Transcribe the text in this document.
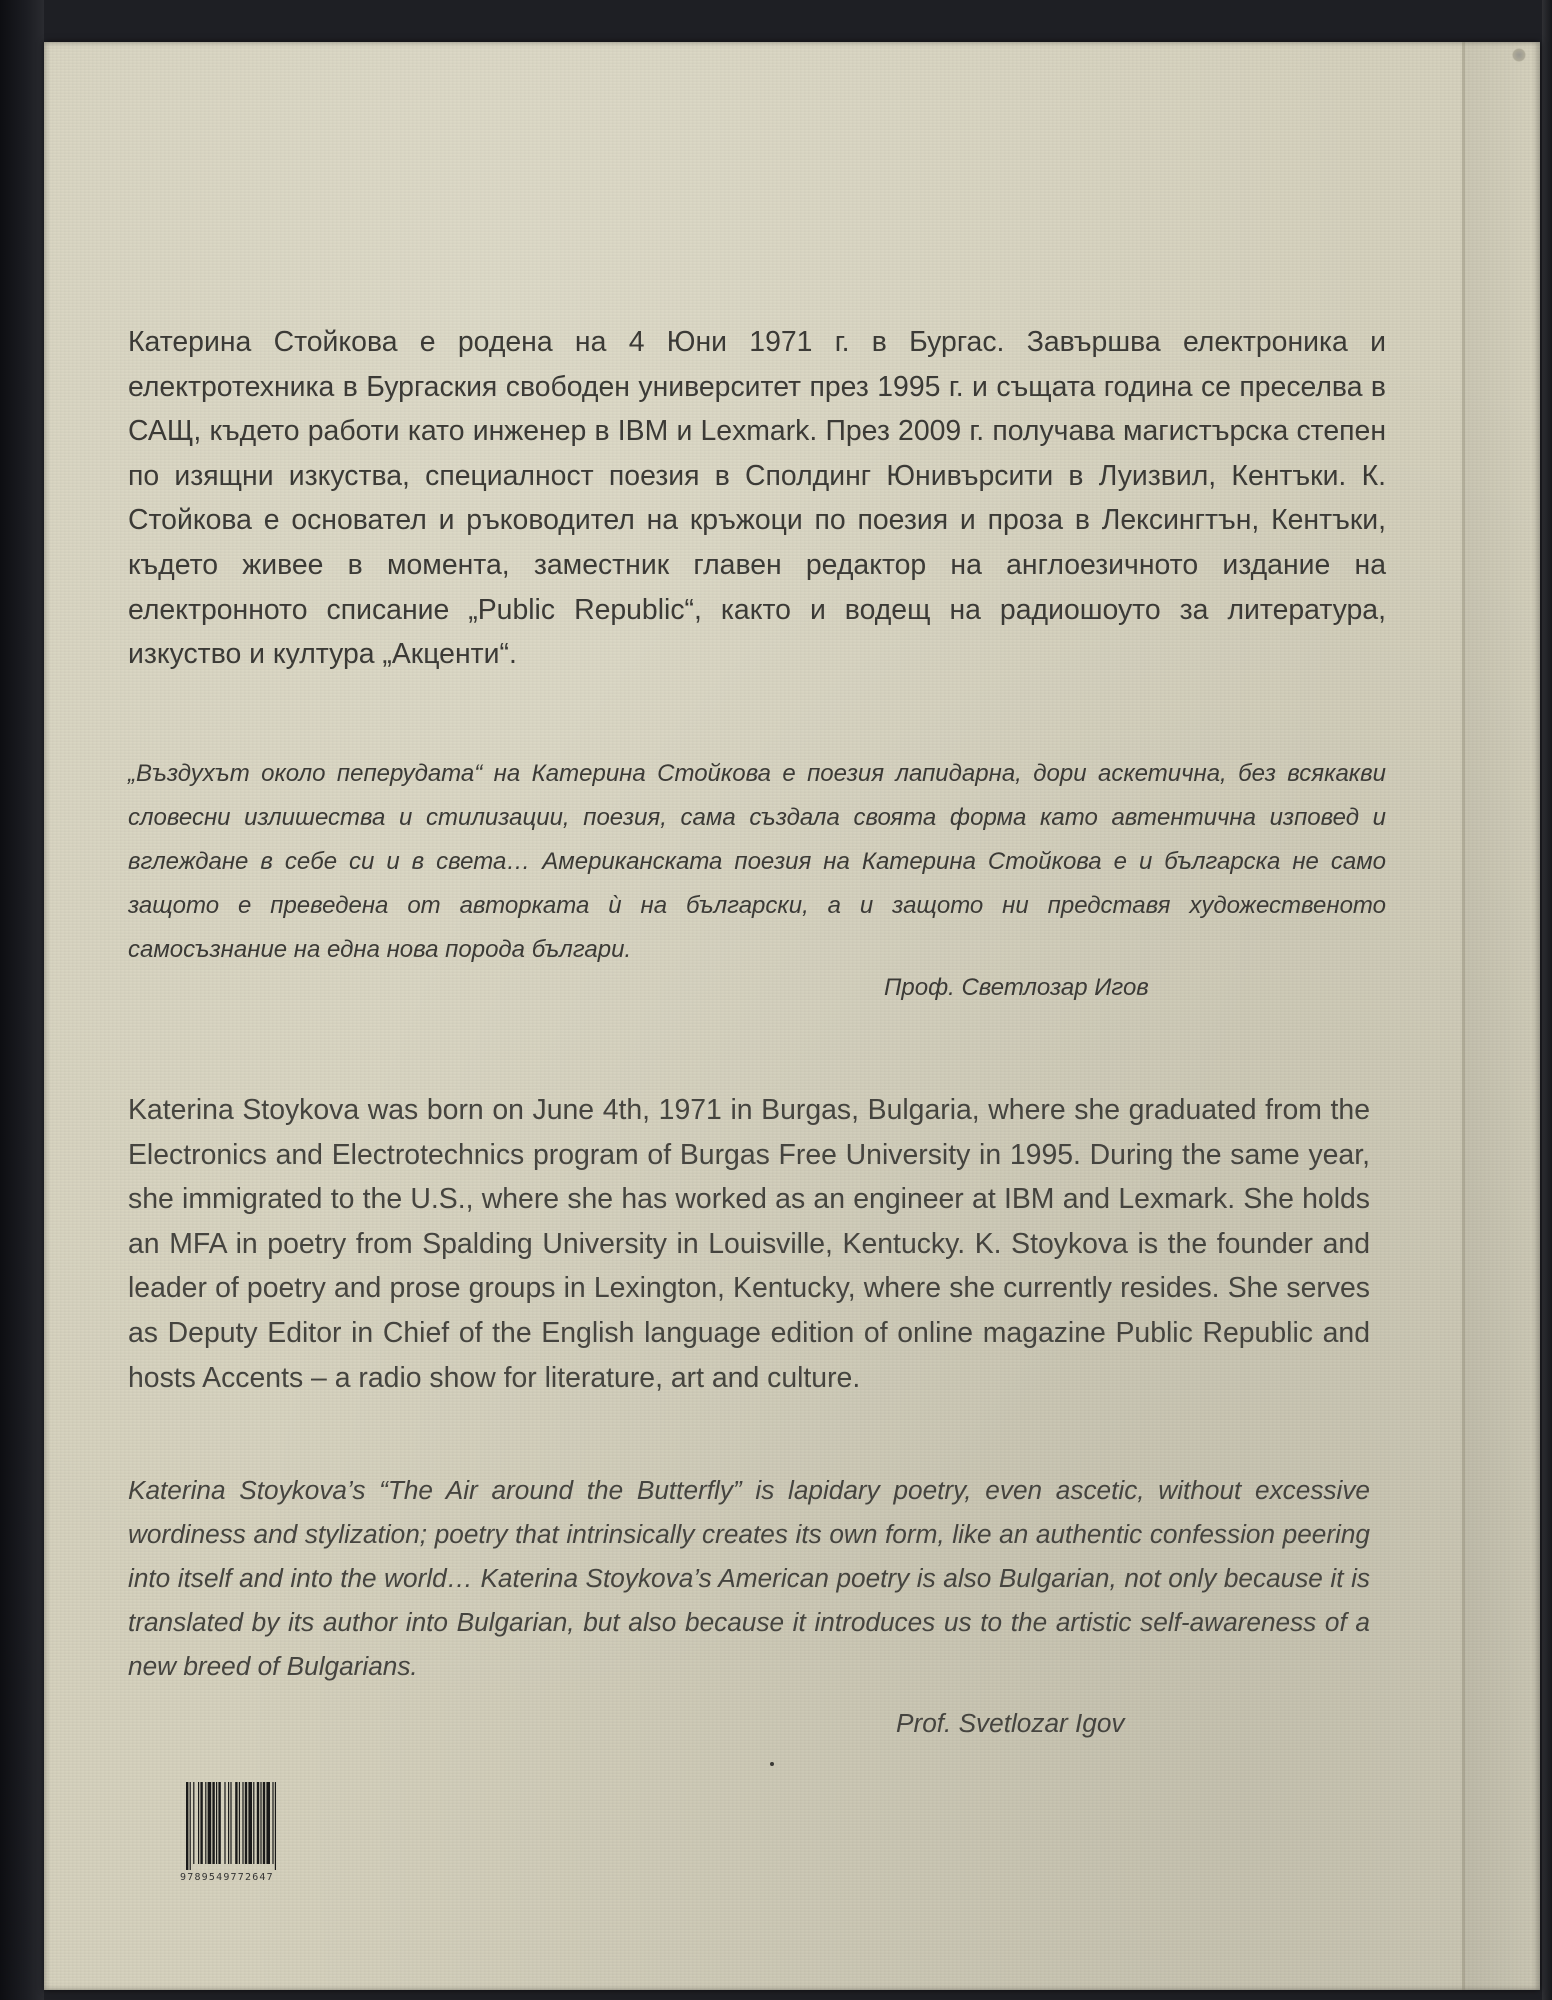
Катерина Стойкова е родена на 4 Юни 1971 г. в Бургас. Завършва електроника и електротехника в Бургаския свободен университет през 1995 г. и същата година се преселва в САЩ, където работи като инженер в IBM и Lexmark. През 2009 г. получава магистърска степен по изящни изкуства, специалност поезия в Сполдинг Юнивърсити в Луизвил, Кентъки. К. Стойкова е основател и ръководител на кръжоци по поезия и проза в Лексингтън, Кентъки, където живее в момента, заместник главен редактор на англоезичното издание на електронното списание „Public Republic“, както и водещ на радиошоуто за литература, изкуство и култура „Акценти“.

„Въздухът около пеперудата“ на Катерина Стойкова е поезия лапидарна, дори аскетична, без всякакви словесни излишества и стилизации, поезия, сама създала своята форма като автентична изповед и вглеждане в себе си и в света… Американската поезия на Катерина Стойкова е и българска не само защото е преведена от авторката ѝ на български, а и защото ни представя художественото самосъзнание на една нова порода българи.

Проф. Светлозар Игов

Katerina Stoykova was born on June 4th, 1971 in Burgas, Bulgaria, where she graduated from the Electronics and Electrotechnics program of Burgas Free University in 1995. During the same year, she immigrated to the U.S., where she has worked as an engineer at IBM and Lexmark. She holds an MFA in poetry from Spalding University in Louisville, Kentucky. K. Stoykova is the founder and leader of poetry and prose groups in Lexington, Kentucky, where she currently resides. She serves as Deputy Editor in Chief of the English language edition of online magazine Public Republic and hosts Accents – a radio show for literature, art and culture.

Katerina Stoykova’s “The Air around the Butterfly” is lapidary poetry, even ascetic, without excessive wordiness and stylization; poetry that intrinsically creates its own form, like an authentic confession peering into itself and into the world… Katerina Stoykova’s American poetry is also Bulgarian, not only because it is translated by its author into Bulgarian, but also because it introduces us to the artistic self-awareness of a new breed of Bulgarians.

Prof. Svetlozar Igov
9789549772647
